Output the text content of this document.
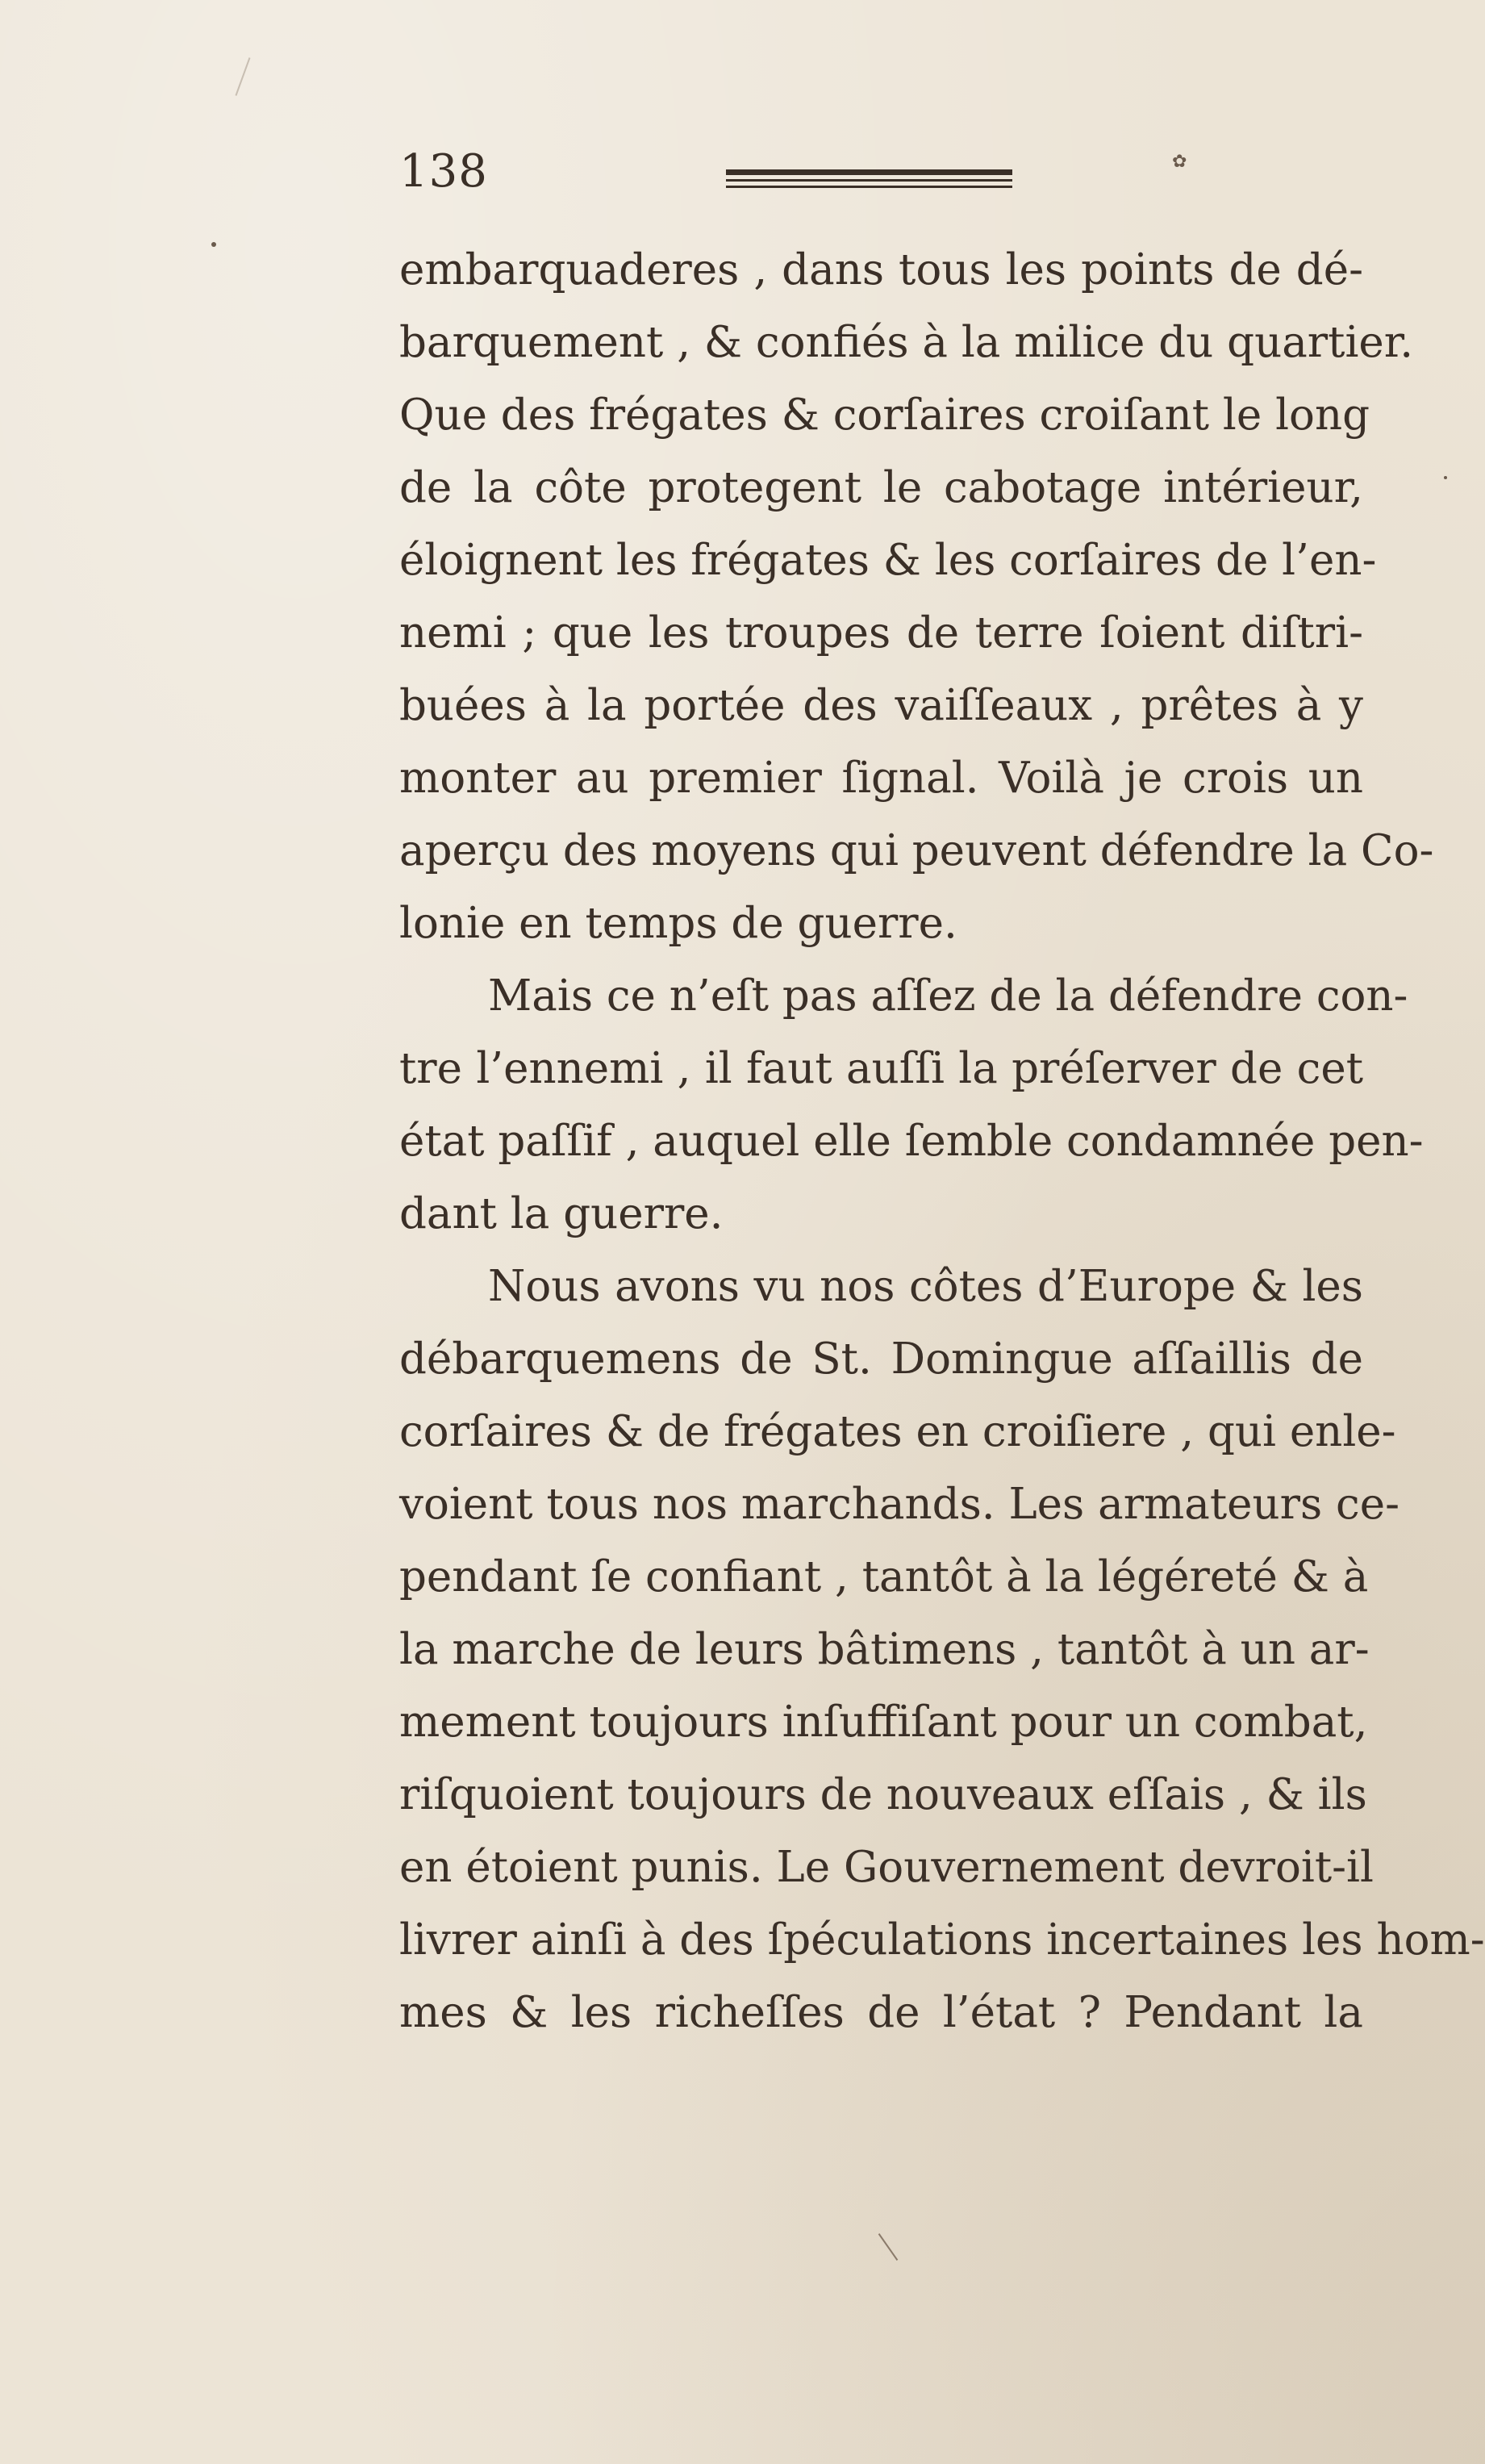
138	✿
embarquaderes , dans tous les points de dé-
barquement , & confiés à la milice du quartier.
Que des frégates & corſaires croiſant le long
de la côte protegent le cabotage intérieur,
éloignent les frégates & les corſaires de l’en-
nemi ; que les troupes de terre ſoient diſtri-
buées à la portée des vaiſſeaux , prêtes à y
monter au premier ſignal. Voilà je crois un
aperçu des moyens qui peuvent défendre la Co-
lonie en temps de guerre.
Mais ce n’eſt pas aſſez de la défendre con-
tre l’ennemi , il faut auſſi la préſerver de cet
état paſſif , auquel elle ſemble condamnée pen-
dant la guerre.
Nous avons vu nos côtes d’Europe & les
débarquemens de St. Domingue aſſaillis de
corſaires & de frégates en croiſiere , qui enle-
voient tous nos marchands. Les armateurs ce-
pendant ſe confiant , tantôt à la légéreté & à
la marche de leurs bâtimens , tantôt à un ar-
mement toujours inſuffiſant pour un combat,
riſquoient toujours de nouveaux eſſais , & ils
en étoient punis. Le Gouvernement devroit-il
livrer ainſi à des ſpéculations incertaines les hom-
mes & les richeſſes de l’état ? Pendant la
